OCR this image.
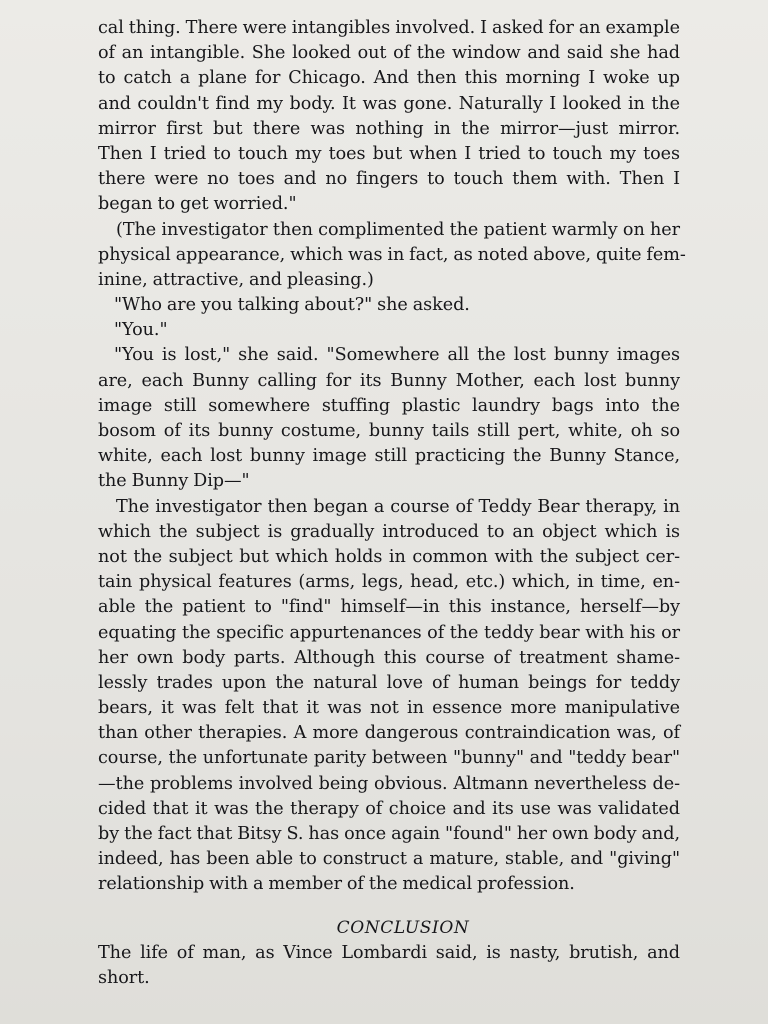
cal thing. There were intangibles involved. I asked for an example
of an intangible. She looked out of the window and said she had
to catch a plane for Chicago. And then this morning I woke up
and couldn't find my body. It was gone. Naturally I looked in the
mirror first but there was nothing in the mirror—just mirror.
Then I tried to touch my toes but when I tried to touch my toes
there were no toes and no fingers to touch them with. Then I
began to get worried."
(The investigator then complimented the patient warmly on her
physical appearance, which was in fact, as noted above, quite fem-
inine, attractive, and pleasing.)
"Who are you talking about?" she asked.
"You."
"You is lost," she said. "Somewhere all the lost bunny images
are, each Bunny calling for its Bunny Mother, each lost bunny
image still somewhere stuffing plastic laundry bags into the
bosom of its bunny costume, bunny tails still pert, white, oh so
white, each lost bunny image still practicing the Bunny Stance,
the Bunny Dip—"
The investigator then began a course of Teddy Bear therapy, in
which the subject is gradually introduced to an object which is
not the subject but which holds in common with the subject cer-
tain physical features (arms, legs, head, etc.) which, in time, en-
able the patient to "find" himself—in this instance, herself—by
equating the specific appurtenances of the teddy bear with his or
her own body parts. Although this course of treatment shame-
lessly trades upon the natural love of human beings for teddy
bears, it was felt that it was not in essence more manipulative
than other therapies. A more dangerous contraindication was, of
course, the unfortunate parity between "bunny" and "teddy bear"
—the problems involved being obvious. Altmann nevertheless de-
cided that it was the therapy of choice and its use was validated
by the fact that Bitsy S. has once again "found" her own body and,
indeed, has been able to construct a mature, stable, and "giving"
relationship with a member of the medical profession.
CONCLUSION
The life of man, as Vince Lombardi said, is nasty, brutish, and
short.
